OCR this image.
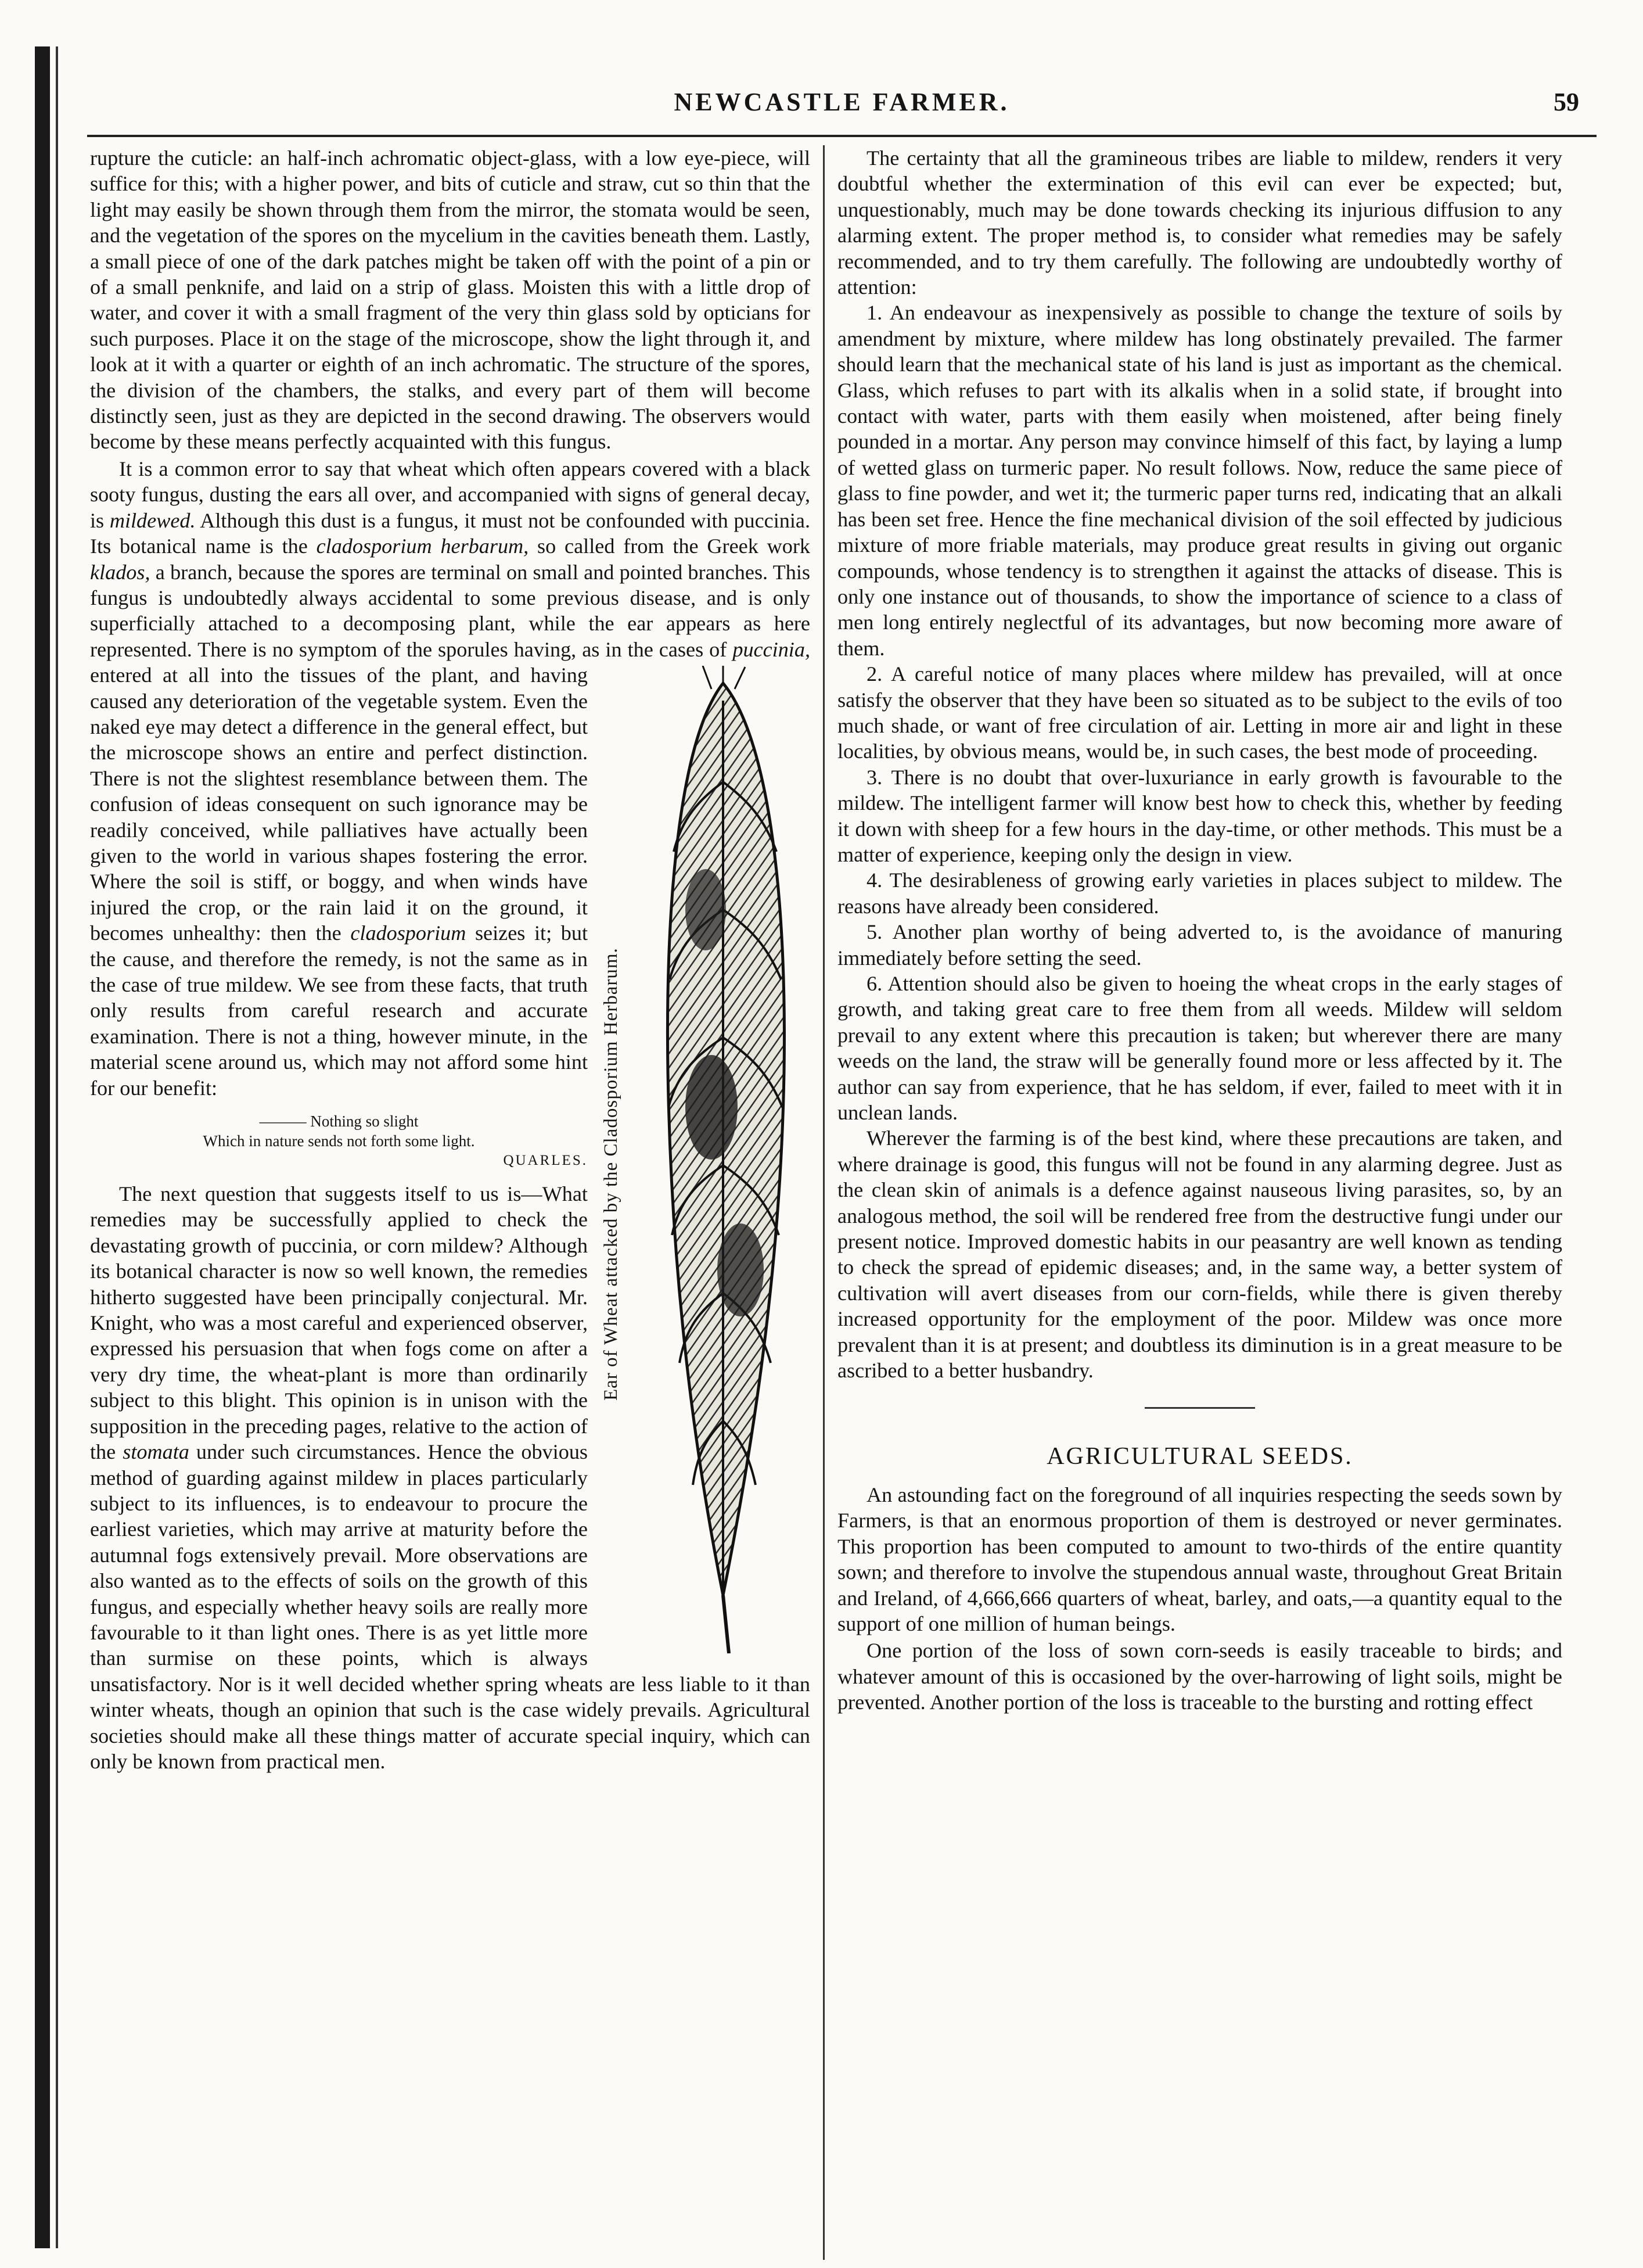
NEWCASTLE FARMER.	59

rupture the cuticle: an half-inch achromatic object-glass, with a low eye-piece, will suffice for this; with a higher power, and bits of cuticle and straw, cut so thin that the light may easily be shown through them from the mirror, the stomata would be seen, and the vegetation of the spores on the mycelium in the cavities beneath them. Lastly, a small piece of one of the dark patches might be taken off with the point of a pin or of a small penknife, and laid on a strip of glass. Moisten this with a little drop of water, and cover it with a small fragment of the very thin glass sold by opticians for such purposes. Place it on the stage of the microscope, show the light through it, and look at it with a quarter or eighth of an inch achromatic. The structure of the spores, the division of the chambers, the stalks, and every part of them will become distinctly seen, just as they are depicted in the second drawing. The observers would become by these means perfectly acquainted with this fungus.

It is a common error to say that wheat which often appears covered with a black sooty fungus, dusting the ears all over, and accompanied with signs of general decay, is mildewed. Although this dust is a fungus, it must not be confounded with puccinia. Its botanical name is the cladosporium herbarum, so called from the Greek work klados, a branch, because the spores are terminal on small and pointed branches. This fungus is undoubtedly always accidental to some previous disease, and is only superficially attached to a decomposing plant, while the ear appears as here represented. There is no symptom of the sporules having, as in the cases of
Ear of Wheat attacked by the Cladosporium Herbarum.
puccinia, entered at all into the tissues of the plant, and having caused any deterioration of the vegetable system. Even the naked eye may detect a difference in the general effect, but the microscope shows an entire and perfect distinction. There is not the slightest resemblance between them. The confusion of ideas consequent on such ignorance may be readily conceived, while palliatives have actually been given to the world in various shapes fostering the error. Where the soil is stiff, or boggy, and when winds have injured the crop, or the rain laid it on the ground, it becomes unhealthy: then the cladosporium seizes it; but the cause, and therefore the remedy, is not the same as in the case of true mildew. We see from these facts, that truth only results from careful research and accurate examination. There is not a thing, however minute, in the material scene around us, which may not afford some hint for our benefit:

——— Nothing so slight
Which in nature sends not forth some light.
QUARLES.

The next question that suggests itself to us is—What remedies may be successfully applied to check the devastating growth of puccinia, or corn mildew? Although its botanical character is now so well known, the remedies hitherto suggested have been principally conjectural. Mr. Knight, who was a most careful and experienced observer, expressed his persuasion that when fogs come on after a very dry time, the wheat-plant is more than ordinarily subject to this blight. This opinion is in unison with the supposition in the preceding pages, relative to the action of the stomata under such circumstances. Hence the obvious method of guarding against mildew in places particularly subject to its influences, is to endeavour to procure the earliest varieties, which may arrive at maturity before the autumnal fogs extensively prevail. More observations are also wanted as to the effects of soils on the growth of this fungus, and especially whether heavy soils are really more favourable to it than light ones. There is as yet little more than surmise on these points, which is always unsatisfactory. Nor is it well decided whether spring wheats are less liable to it than winter wheats, though an opinion that such is the case widely prevails. Agricultural societies should make all these things matter of accurate special inquiry, which can only be known from practical men.

The certainty that all the gramineous tribes are liable to mildew, renders it very doubtful whether the extermination of this evil can ever be expected; but, unquestionably, much may be done towards checking its injurious diffusion to any alarming extent. The proper method is, to consider what remedies may be safely recommended, and to try them carefully. The following are undoubtedly worthy of attention:

1. An endeavour as inexpensively as possible to change the texture of soils by amendment by mixture, where mildew has long obstinately prevailed. The farmer should learn that the mechanical state of his land is just as important as the chemical. Glass, which refuses to part with its alkalis when in a solid state, if brought into contact with water, parts with them easily when moistened, after being finely pounded in a mortar. Any person may convince himself of this fact, by laying a lump of wetted glass on turmeric paper. No result follows. Now, reduce the same piece of glass to fine powder, and wet it; the turmeric paper turns red, indicating that an alkali has been set free. Hence the fine mechanical division of the soil effected by judicious mixture of more friable materials, may produce great results in giving out organic compounds, whose tendency is to strengthen it against the attacks of disease. This is only one instance out of thousands, to show the importance of science to a class of men long entirely neglectful of its advantages, but now becoming more aware of them.
2. A careful notice of many places where mildew has prevailed, will at once satisfy the observer that they have been so situated as to be subject to the evils of too much shade, or want of free circulation of air. Letting in more air and light in these localities, by obvious means, would be, in such cases, the best mode of proceeding.
3. There is no doubt that over-luxuriance in early growth is favourable to the mildew. The intelligent farmer will know best how to check this, whether by feeding it down with sheep for a few hours in the day-time, or other methods. This must be a matter of experience, keeping only the design in view.
4. The desirableness of growing early varieties in places subject to mildew. The reasons have already been considered.
5. Another plan worthy of being adverted to, is the avoidance of manuring immediately before setting the seed.
6. Attention should also be given to hoeing the wheat crops in the early stages of growth, and taking great care to free them from all weeds. Mildew will seldom prevail to any extent where this precaution is taken; but wherever there are many weeds on the land, the straw will be generally found more or less affected by it. The author can say from experience, that he has seldom, if ever, failed to meet with it in unclean lands.

Wherever the farming is of the best kind, where these precautions are taken, and where drainage is good, this fungus will not be found in any alarming degree. Just as the clean skin of animals is a defence against nauseous living parasites, so, by an analogous method, the soil will be rendered free from the destructive fungi under our present notice. Improved domestic habits in our peasantry are well known as tending to check the spread of epidemic diseases; and, in the same way, a better system of cultivation will avert diseases from our corn-fields, while there is given thereby increased opportunity for the employment of the poor. Mildew was once more prevalent than it is at present; and doubtless its diminution is in a great measure to be ascribed to a better husbandry.

AGRICULTURAL SEEDS.

An astounding fact on the foreground of all inquiries respecting the seeds sown by Farmers, is that an enormous proportion of them is destroyed or never germinates. This proportion has been computed to amount to two-thirds of the entire quantity sown; and therefore to involve the stupendous annual waste, throughout Great Britain and Ireland, of 4,666,666 quarters of wheat, barley, and oats,—a quantity equal to the support of one million of human beings.

One portion of the loss of sown corn-seeds is easily traceable to birds; and whatever amount of this is occasioned by the over-harrowing of light soils, might be prevented. Another portion of the loss is traceable to the bursting and rotting effect
